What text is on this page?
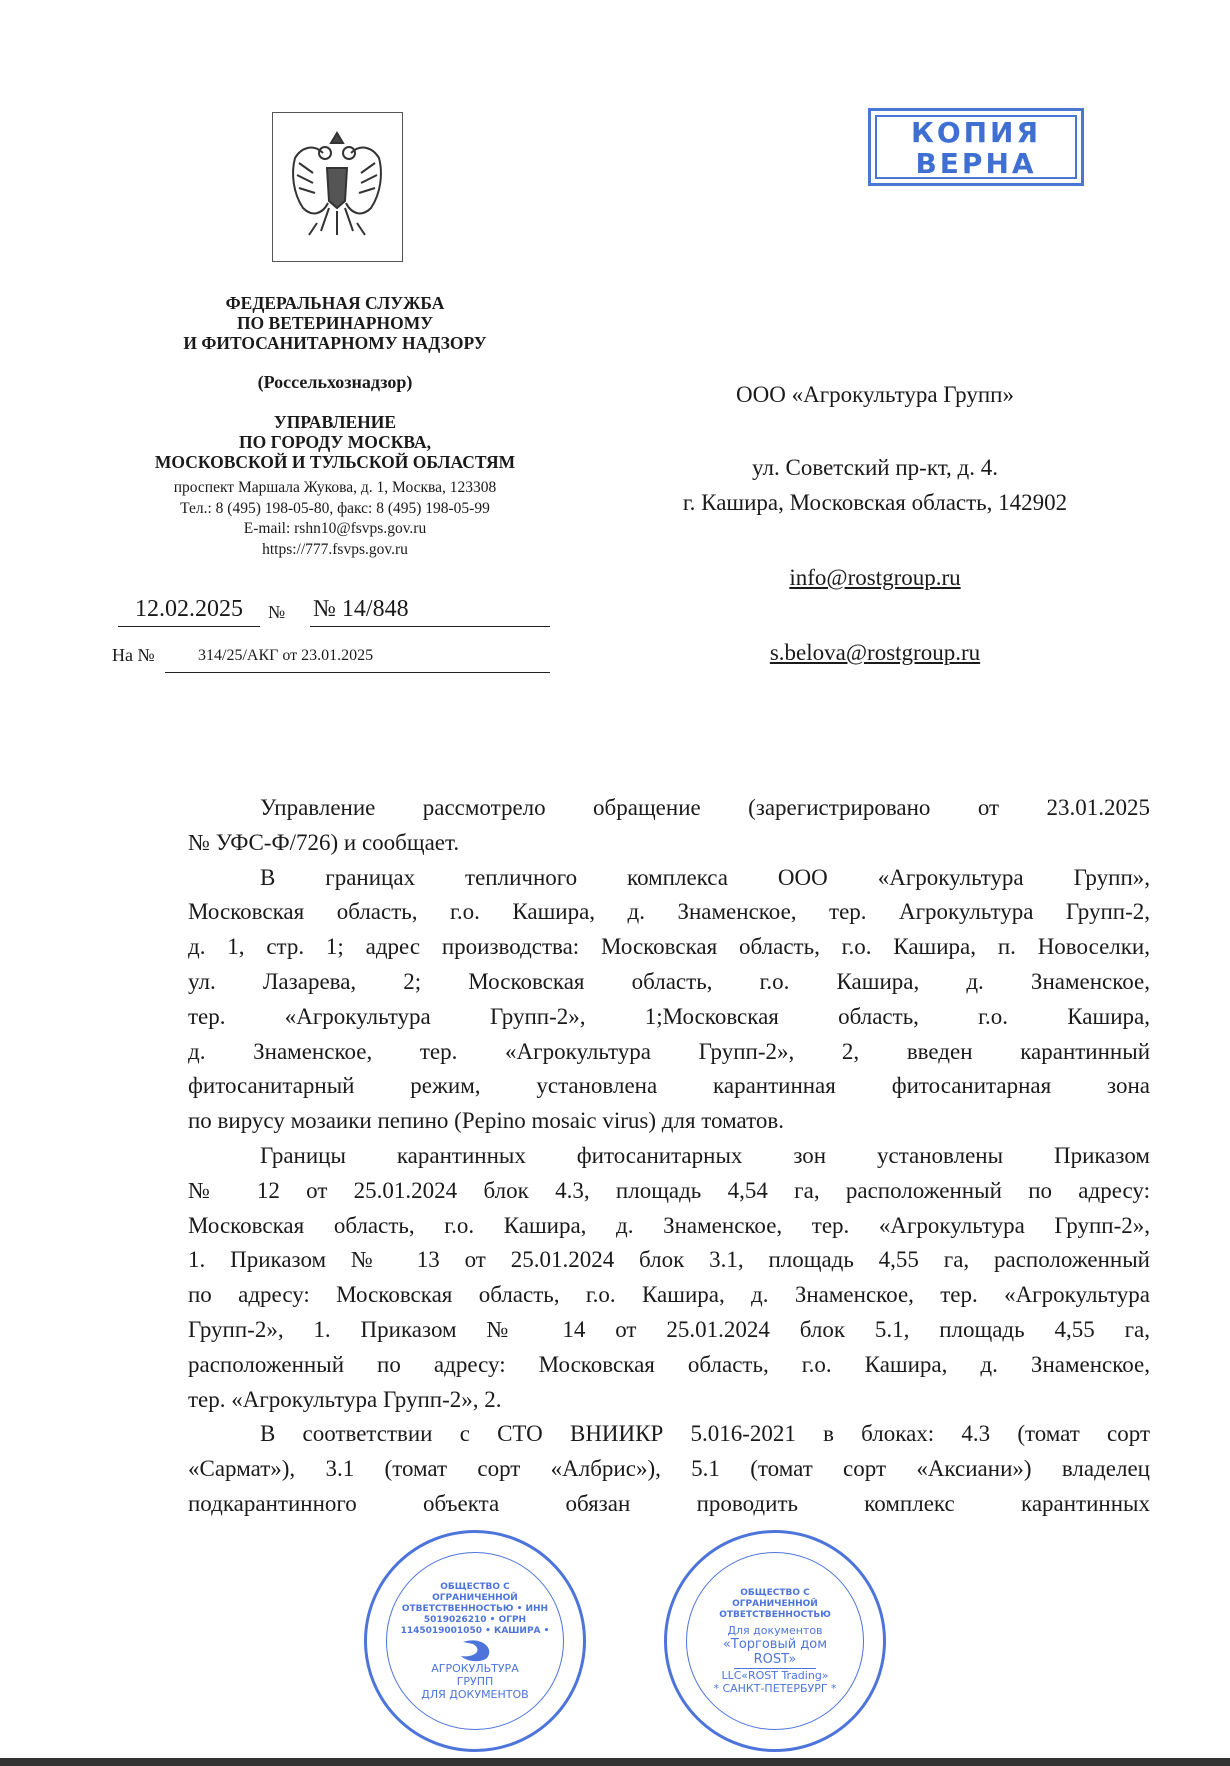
ФЕДЕРАЛЬНАЯ СЛУЖБА
ПО ВЕТЕРИНАРНОМУ
И ФИТОСАНИТАРНОМУ НАДЗОРУ
(Россельхознадзор)
УПРАВЛЕНИЕ
ПО ГОРОДУ МОСКВА,
МОСКОВСКОЙ И ТУЛЬСКОЙ ОБЛАСТЯМ
проспект Маршала Жукова, д. 1, Москва, 123308
Тел.: 8 (495) 198-05-80, факс: 8 (495) 198-05-99
E-mail: rshn10@fsvps.gov.ru
https://777.fsvps.gov.ru
12.02.2025 № № 14/848
На №	314/25/АКГ от 23.01.2025
КОПИЯ
ВЕРНА
ООО «Агрокультура Групп»
ул. Советский пр-кт, д. 4.
г. Кашира, Московская область, 142902
info@rostgroup.ru
s.belova@rostgroup.ru
Управление рассмотрело обращение (зарегистрировано от 23.01.2025
№ УФС-Ф/726) и сообщает.
В границах тепличного комплекса ООО «Агрокультура Групп»,
Московская область, г.о. Кашира, д. Знаменское, тер. Агрокультура Групп-2,
д. 1, стр. 1; адрес производства: Московская область, г.о. Кашира, п. Новоселки,
ул. Лазарева, 2; Московская область, г.о. Кашира, д. Знаменское,
тер. «Агрокультура Групп-2», 1;Московская область, г.о. Кашира,
д. Знаменское, тер. «Агрокультура Групп-2», 2, введен карантинный
фитосанитарный режим, установлена карантинная фитосанитарная зона
по вирусу мозаики пепино (Pepino mosaic virus) для томатов.
Границы карантинных фитосанитарных зон установлены Приказом
№ 12 от 25.01.2024 блок 4.3, площадь 4,54 га, расположенный по адресу:
Московская область, г.о. Кашира, д. Знаменское, тер. «Агрокультура Групп-2»,
1. Приказом № 13 от 25.01.2024 блок 3.1, площадь 4,55 га, расположенный
по адресу: Московская область, г.о. Кашира, д. Знаменское, тер. «Агрокультура
Групп-2», 1. Приказом № 14 от 25.01.2024 блок 5.1, площадь 4,55 га,
расположенный по адресу: Московская область, г.о. Кашира, д. Знаменское,
тер. «Агрокультура Групп-2», 2.
В соответствии с СТО ВНИИКР 5.016-2021 в блоках: 4.3 (томат сорт
«Сармат»), 3.1 (томат сорт «Албрис»), 5.1 (томат сорт «Аксиани») владелец
подкарантинного объекта обязан проводить комплекс карантинных
ОБЩЕСТВО С ОГРАНИЧЕННОЙ ОТВЕТСТВЕННОСТЬЮ • ИНН 5019026210 • ОГРН 1145019001050 • КАШИРА •
АГРОКУЛЬТУРА
ГРУПП
ДЛЯ ДОКУМЕНТОВ
ОБЩЕСТВО С ОГРАНИЧЕННОЙ ОТВЕТСТВЕННОСТЬЮ
Для документов
«Торговый дом
ROST»
LLC«ROST Trading»
* САНКТ-ПЕТЕРБУРГ *
